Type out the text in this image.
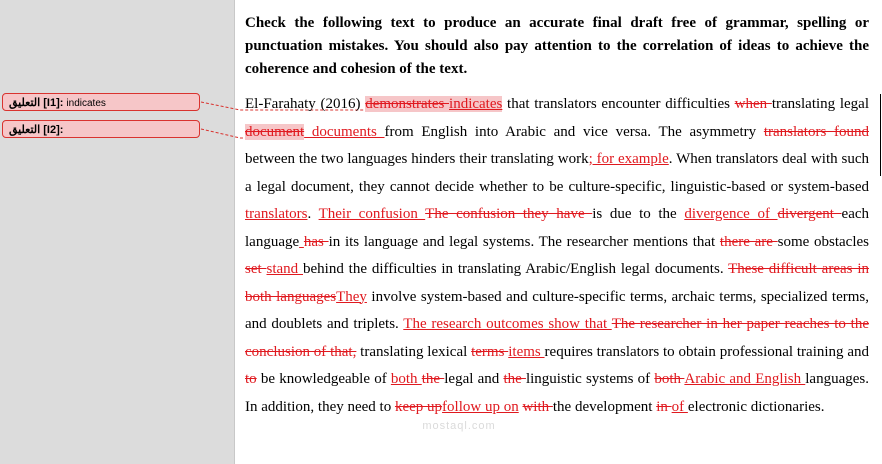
التعليق [I1]: indicates
التعليق [I2]:
Check the following text to produce an accurate final draft free of grammar, spelling or punctuation mistakes. You should also pay attention to the correlation of ideas to achieve the coherence and cohesion of the text.
El-Farahaty (2016) demonstrates indicates that translators encounter difficulties when translating legal document documents from English into Arabic and vice versa. The asymmetry translators found between the two languages hinders their translating work; for example. When translators deal with such a legal document, they cannot decide whether to be culture-specific, linguistic-based or system-based translators. Their confusion The confusion they have is due to the divergence of divergent each language has in its language and legal systems. The researcher mentions that there are some obstacles set stand behind the difficulties in translating Arabic/English legal documents. These difficult areas in both languagesThey involve system-based and culture-specific terms, archaic terms, specialized terms, and doublets and triplets. The research outcomes show that The researcher in her paper reaches to the conclusion of that, translating lexical terms items requires translators to obtain professional training and to be knowledgeable of both the legal and the linguistic systems of both Arabic and English languages. In addition, they need to keep upfollow up on with the development in of electronic dictionaries.
mostaql.com
